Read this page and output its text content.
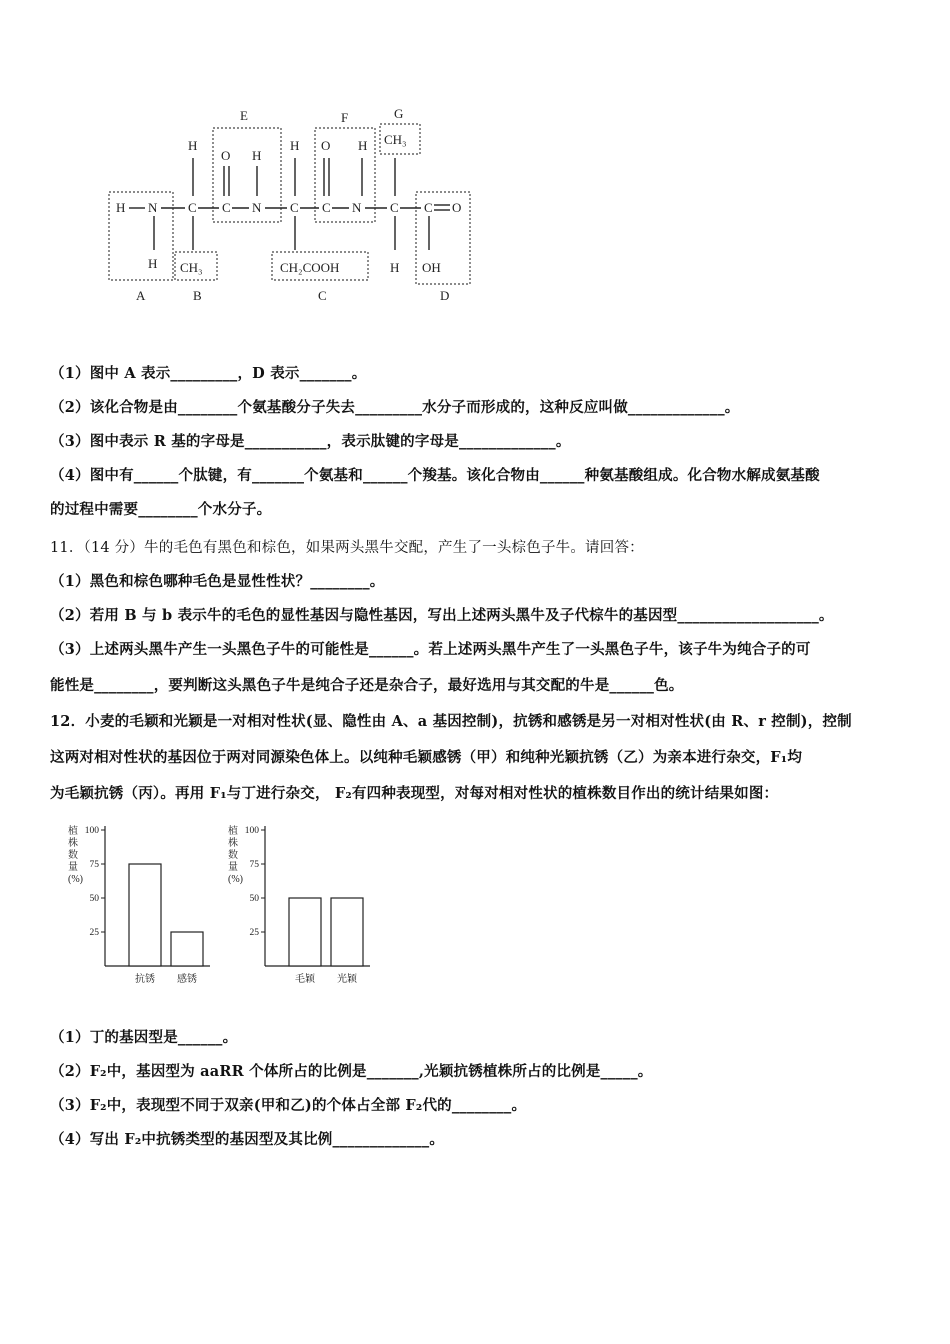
A	B	C	D
E	F	G
H N C C N C C N C C O
H
O H
H O H CH₃
H CH₃	CH₂COOH	H OH
（1）图中 A 表示_________，D 表示_______。
（2）该化合物是由________个氨基酸分子失去_________水分子而形成的，这种反应叫做_____________。
（3）图中表示 R 基的字母是___________，表示肽键的字母是_____________。
（4）图中有______个肽键，有_______个氨基和______个羧基。该化合物由______种氨基酸组成。化合物水解成氨基酸
的过程中需要________个水分子。
11．（14 分）牛的毛色有黑色和棕色，如果两头黑牛交配，产生了一头棕色子牛。请回答：
（1）黑色和棕色哪种毛色是显性性状？________。
（2）若用 B 与 b 表示牛的毛色的显性基因与隐性基因，写出上述两头黑牛及子代棕牛的基因型___________________。
（3）上述两头黑牛产生一头黑色子牛的可能性是______。若上述两头黑牛产生了一头黑色子牛，该子牛为纯合子的可
能性是________，要判断这头黑色子牛是纯合子还是杂合子，最好选用与其交配的牛是______色。
12．小麦的毛颖和光颖是一对相对性状(显、隐性由 A、a 基因控制)，抗锈和感锈是另一对相对性状(由 R、r 控制)，控制
这两对相对性状的基因位于两对同源染色体上。以纯种毛颖感锈（甲）和纯种光颖抗锈（乙）为亲本进行杂交，F₁均
为毛颖抗锈（丙）。再用 F₁与丁进行杂交， F₂有四种表现型，对每对相对性状的植株数目作出的统计结果如图：
植株数量(%)
100
75
50
25
抗锈 感锈
植株数量(%)
100
75
50
25
毛颖 光颖
（1）丁的基因型是______。
（2）F₂中，基因型为 aaRR 个体所占的比例是_______,光颖抗锈植株所占的比例是_____。
（3）F₂中，表现型不同于双亲(甲和乙)的个体占全部 F₂代的________。
（4）写出 F₂中抗锈类型的基因型及其比例_____________。
